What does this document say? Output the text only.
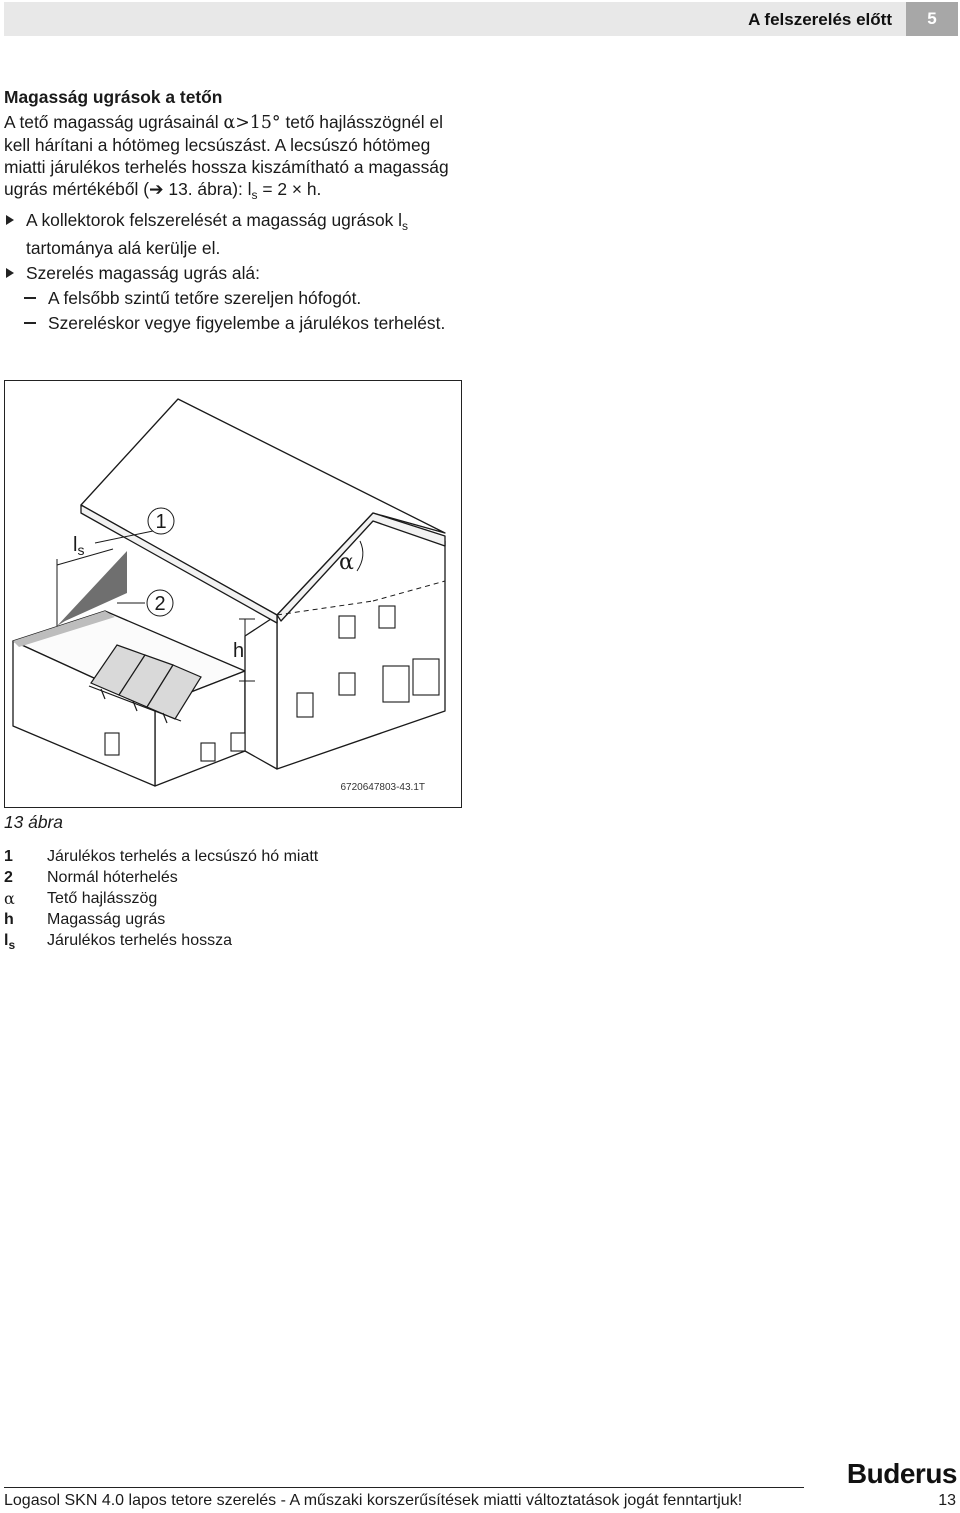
A felszerelés előtt	5

Magasság ugrások a tetőn

A tető magasság ugrásainál α>15° tető hajlásszögnél el kell hárítani a hótömeg lecsúszást. A lecsúszó hótömeg miatti járulékos terhelés hossza kiszámítható a magasság ugrás mértékéből (➔ 13. ábra): $l_s = 2 \times h$.

A kollektorok felszerelését a magasság ugrások $l_s$ tartománya alá kerülje el.
Szerelés magasság ugrás alá:
A felsőbb szintű tetőre szereljen hófogót.
Szereléskor vegye figyelembe a járulékos terhelést.
$l_s$
1
2
h
α
6720647803-43.1T
13 ábra
1	Járulékos terhelés a lecsúszó hó miatt
2	Normál hóterhelés
α	Tető hajlásszög
h	Magasság ugrás
$l_s$	Járulékos terhelés hossza
Buderus
Logasol SKN 4.0 lapos tetore szerelés - A műszaki korszerűsítések miatti változtatások jogát fenntartjuk!	13
